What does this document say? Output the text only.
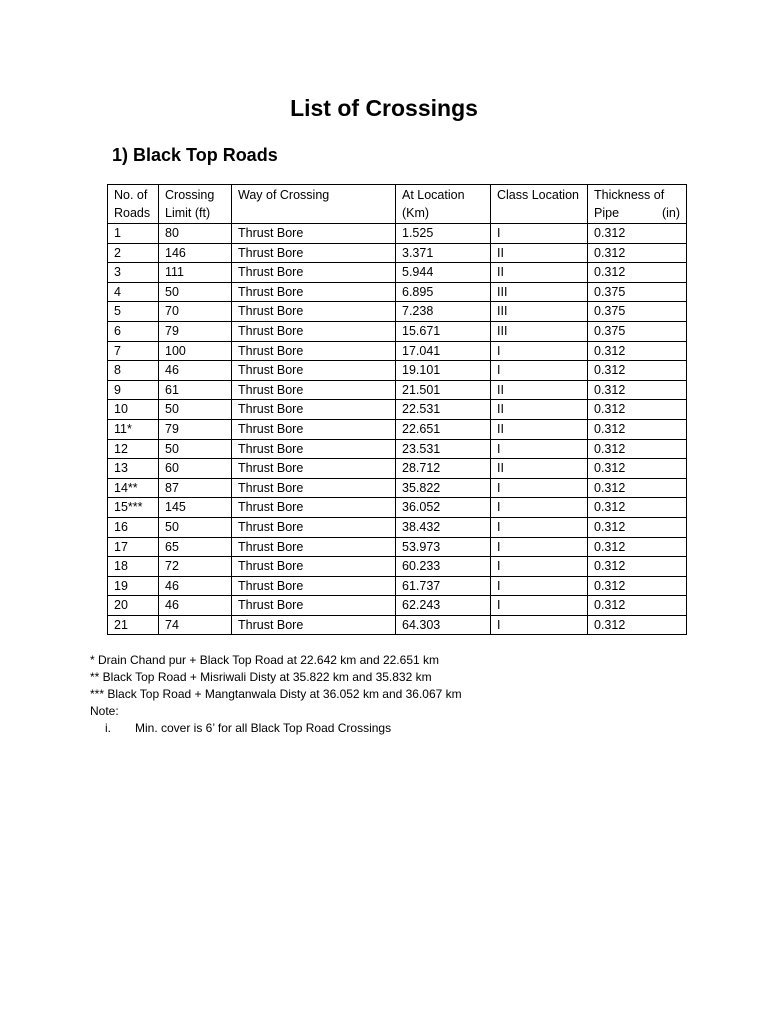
List of Crossings
1) Black Top Roads
No. of Roads	Crossing Limit (ft)	Way of Crossing	At Location (Km)	Class Location	Thickness of Pipe (in)
1	80	Thrust Bore	1.525	I	0.312
2	146	Thrust Bore	3.371	II	0.312
3	111	Thrust Bore	5.944	II	0.312
4	50	Thrust Bore	6.895	III	0.375
5	70	Thrust Bore	7.238	III	0.375
6	79	Thrust Bore	15.671	III	0.375
7	100	Thrust Bore	17.041	I	0.312
8	46	Thrust Bore	19.101	I	0.312
9	61	Thrust Bore	21.501	II	0.312
10	50	Thrust Bore	22.531	II	0.312
11*	79	Thrust Bore	22.651	II	0.312
12	50	Thrust Bore	23.531	I	0.312
13	60	Thrust Bore	28.712	II	0.312
14**	87	Thrust Bore	35.822	I	0.312
15***	145	Thrust Bore	36.052	I	0.312
16	50	Thrust Bore	38.432	I	0.312
17	65	Thrust Bore	53.973	I	0.312
18	72	Thrust Bore	60.233	I	0.312
19	46	Thrust Bore	61.737	I	0.312
20	46	Thrust Bore	62.243	I	0.312
21	74	Thrust Bore	64.303	I	0.312

* Drain Chand pur + Black Top Road at 22.642 km and 22.651 km

** Black Top Road + Misriwali Disty at 35.822 km and 35.832 km

*** Black Top Road + Mangtanwala Disty at 36.052 km and 36.067 km

Note:

i. Min. cover is 6’ for all Black Top Road Crossings
